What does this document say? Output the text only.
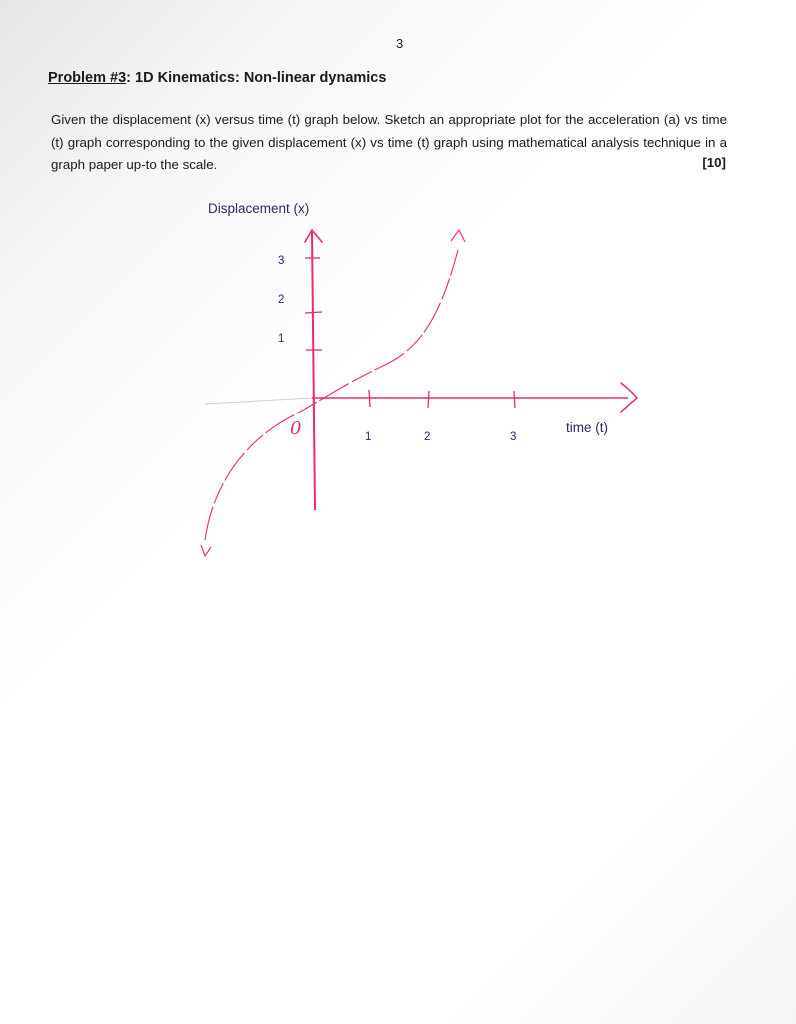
3
Problem #3: 1D Kinematics: Non-linear dynamics
Given the displacement (x) versus time (t) graph below. Sketch an appropriate plot for the acceleration (a) vs time (t) graph corresponding to the given displacement (x) vs time (t) graph using mathematical analysis technique in a graph paper up-to the scale.	[10]
Displacement (x)
time (t)
3
2
1
1	2	3
0
